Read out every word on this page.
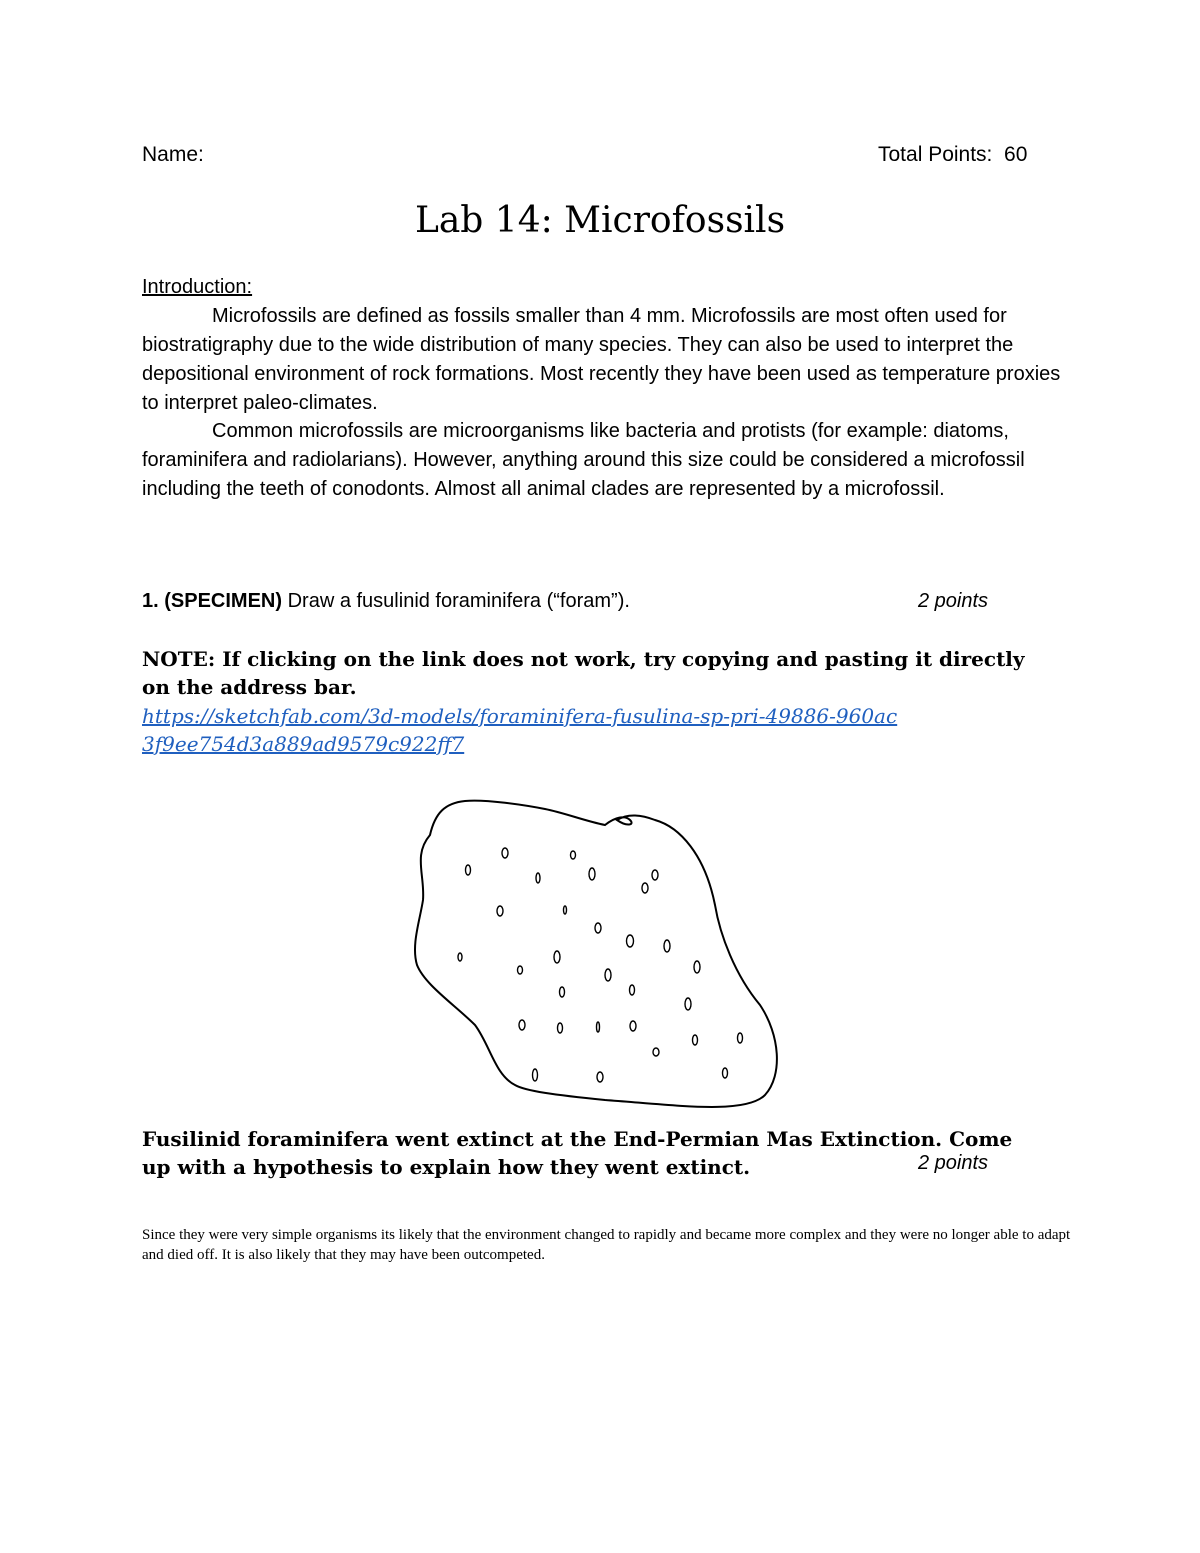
Name:	Total Points:  60
Lab 14: Microfossils
Introduction:
Microfossils are defined as fossils smaller than 4 mm. Microfossils are most often used for biostratigraphy due to the wide distribution of many species. They can also be used to interpret the depositional environment of rock formations. Most recently they have been used as temperature proxies to interpret paleo-climates.
Common microfossils are microorganisms like bacteria and protists (for example: diatoms, foraminifera and radiolarians). However, anything around this size could be considered a microfossil including the teeth of conodonts. Almost all animal clades are represented by a microfossil.
1. (SPECIMEN) Draw a fusulinid foraminifera (“foram”).	2 points
NOTE: If clicking on the link does not work, try copying and pasting it directly on the address bar.
https://sketchfab.com/3d-models/foraminifera-fusulina-sp-pri-49886-960ac3f9ee754d3a889ad9579c922ff7
Fusilinid foraminifera went extinct at the End-Permian Mas Extinction. Come up with a hypothesis to explain how they went extinct.	2 points
Since they were very simple organisms its likely that the environment changed to rapidly and became more complex and they were no longer able to adapt and died off. It is also likely that they may have been outcompeted.
